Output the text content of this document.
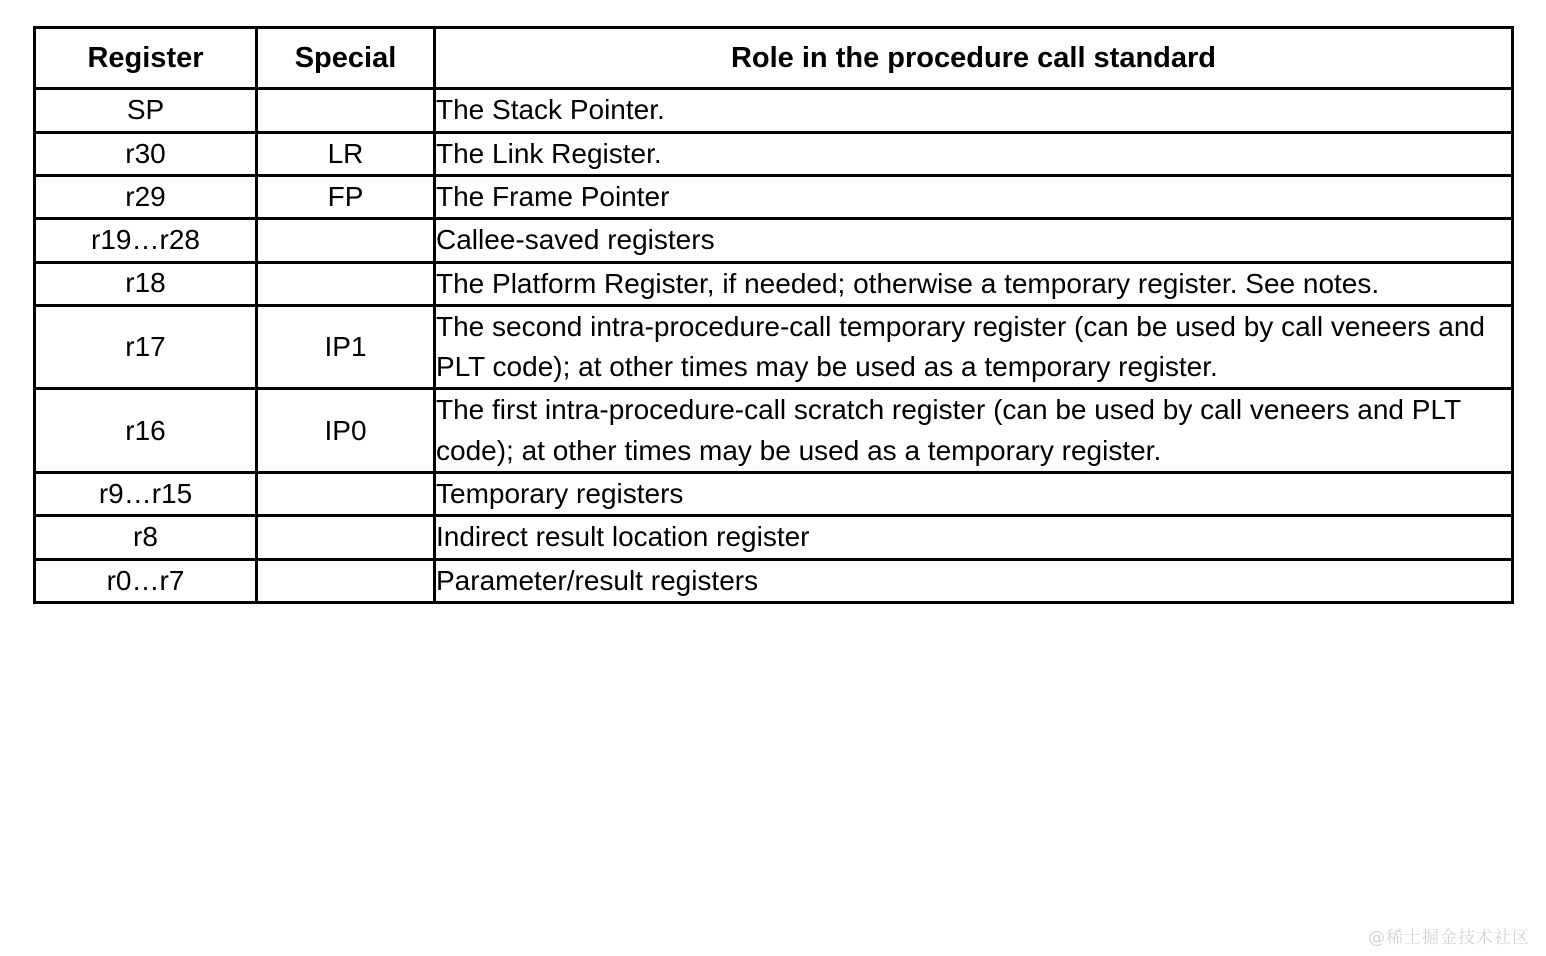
Register	Special	Role in the procedure call standard
SP		The Stack Pointer.
r30	LR	The Link Register.
r29	FP	The Frame Pointer
r19…r28		Callee-saved registers
r18		The Platform Register, if needed; otherwise a temporary register. See notes.
r17	IP1	The second intra-procedure-call temporary register (can be used by call veneers and PLT code); at other times may be used as a temporary register.
r16	IP0	The first intra-procedure-call scratch register (can be used by call veneers and PLT code); at other times may be used as a temporary register.
r9…r15		Temporary registers
r8		Indirect result location register
r0…r7		Parameter/result registers
@稀土掘金技术社区
